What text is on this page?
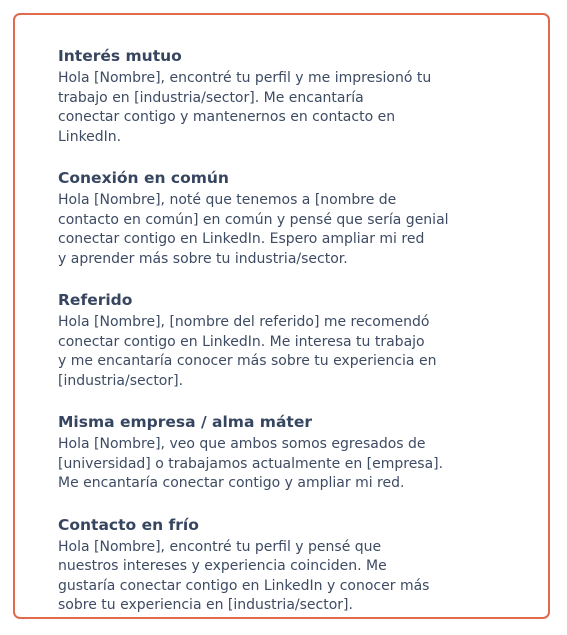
Interés mutuo

Hola [Nombre], encontré tu perfil y me impresionó tu

trabajo en [industria/sector]. Me encantaría

conectar contigo y mantenernos en contacto en

LinkedIn.

Conexión en común

Hola [Nombre], noté que tenemos a [nombre de

contacto en común] en común y pensé que sería genial

conectar contigo en LinkedIn. Espero ampliar mi red

y aprender más sobre tu industria/sector.

Referido

Hola [Nombre], [nombre del referido] me recomendó

conectar contigo en LinkedIn. Me interesa tu trabajo

y me encantaría conocer más sobre tu experiencia en

[industria/sector].

Misma empresa / alma máter

Hola [Nombre], veo que ambos somos egresados de

[universidad] o trabajamos actualmente en [empresa].

Me encantaría conectar contigo y ampliar mi red.

Contacto en frío

Hola [Nombre], encontré tu perfil y pensé que

nuestros intereses y experiencia coinciden. Me

gustaría conectar contigo en LinkedIn y conocer más

sobre tu experiencia en [industria/sector].
